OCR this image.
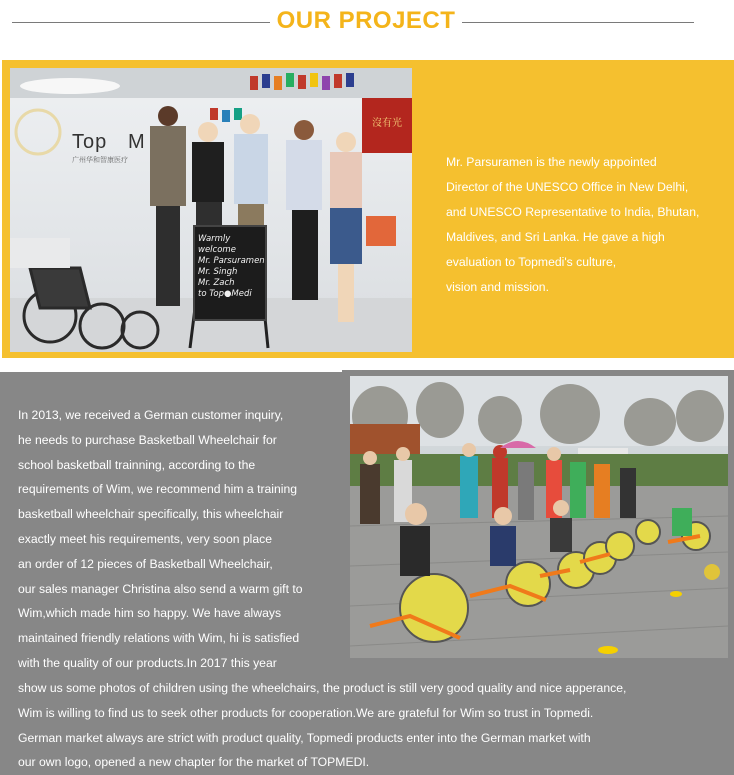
OUR PROJECT
沒有光
Top M
广州华和智康医疗
Warmly welcome
Mr. Parsuramen
Mr. Singh
Mr. Zach
to Top●Medi

Mr. Parsuramen is the newly appointed

Director of the UNESCO Office in New Delhi,

and UNESCO Representative to India, Bhutan,

Maldives, and Sri Lanka. He gave a high

evaluation to Topmedi's culture,

vision and mission.

In 2013, we received a German customer inquiry,

he needs to purchase Basketball Wheelchair for

school basketball trainning, according to the

requirements of Wim, we recommend him a training

basketball wheelchair specifically, this wheelchair

exactly meet his requirements, very soon place

an order of 12 pieces of Basketball Wheelchair,

our sales manager Christina also send a warm gift to

Wim,which made him so happy. We have always

maintained friendly relations with Wim, hi is satisfied

with the quality of our products.In 2017 this year

show us some photos of children using the wheelchairs, the product is still very good quality and nice apperance,

Wim is willing to find us to seek other products for cooperation.We are grateful for Wim so trust in Topmedi.

German market always are strict with product quality, Topmedi products enter into the German market with

our own logo, opened a new chapter for the market of TOPMEDI.
